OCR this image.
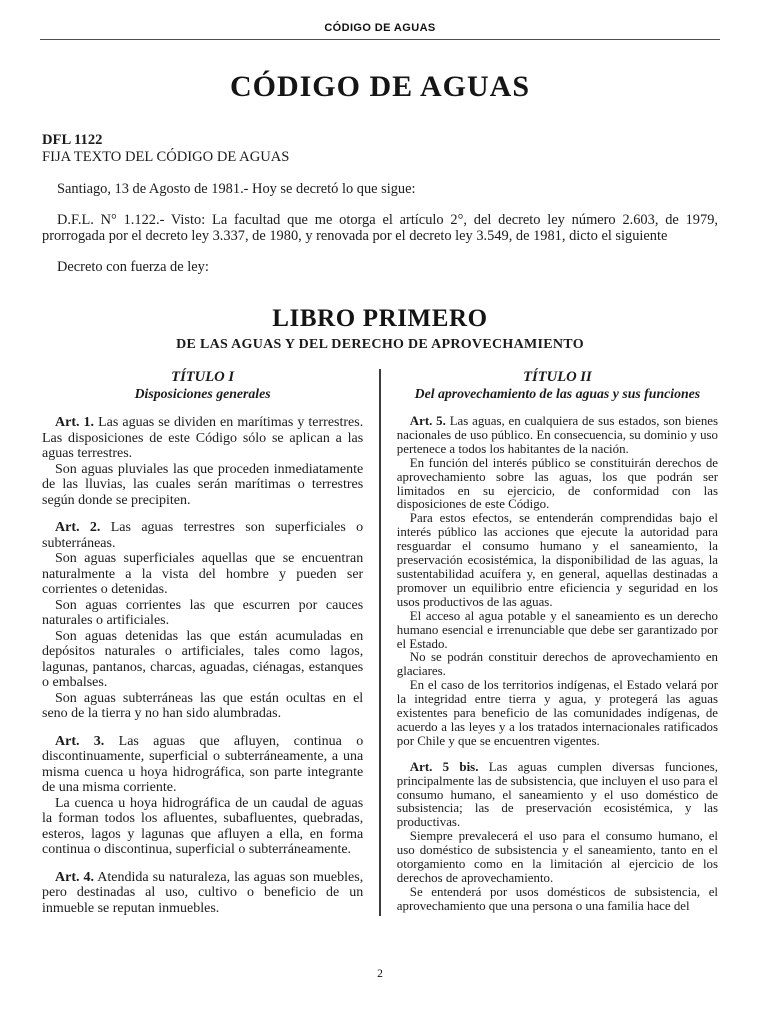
CÓDIGO DE AGUAS
CÓDIGO DE AGUAS
DFL 1122
FIJA TEXTO DEL CÓDIGO DE AGUAS

Santiago, 13 de Agosto de 1981.- Hoy se decretó lo que sigue:

D.F.L. N° 1.122.- Visto: La facultad que me otorga el artículo 2°, del decreto ley número 2.603, de 1979, prorrogada por el decreto ley 3.337, de 1980, y renovada por el decreto ley 3.549, de 1981, dicto el siguiente

Decreto con fuerza de ley:

LIBRO PRIMERO
DE LAS AGUAS Y DEL DERECHO DE APROVECHAMIENTO
TÍTULO I
Disposiciones generales

Art. 1. Las aguas se dividen en marítimas y terrestres. Las disposiciones de este Código sólo se aplican a las aguas terrestres.

Son aguas pluviales las que proceden inmediatamente de las lluvias, las cuales serán marítimas o terrestres según donde se precipiten.

Art. 2. Las aguas terrestres son superficiales o subterráneas.

Son aguas superficiales aquellas que se encuentran naturalmente a la vista del hombre y pueden ser corrientes o detenidas.

Son aguas corrientes las que escurren por cauces naturales o artificiales.

Son aguas detenidas las que están acumuladas en depósitos naturales o artificiales, tales como lagos, lagunas, pantanos, charcas, aguadas, ciénagas, estanques o embalses.

Son aguas subterráneas las que están ocultas en el seno de la tierra y no han sido alumbradas.

Art. 3. Las aguas que afluyen, continua o discontinuamente, superficial o subterráneamente, a una misma cuenca u hoya hidrográfica, son parte integrante de una misma corriente.

La cuenca u hoya hidrográfica de un caudal de aguas la forman todos los afluentes, subafluentes, quebradas, esteros, lagos y lagunas que afluyen a ella, en forma continua o discontinua, superficial o subterráneamente.

Art. 4. Atendida su naturaleza, las aguas son muebles, pero destinadas al uso, cultivo o beneficio de un inmueble se reputan inmuebles.

TÍTULO II
Del aprovechamiento de las aguas y sus funciones

Art. 5. Las aguas, en cualquiera de sus estados, son bienes nacionales de uso público. En consecuencia, su dominio y uso pertenece a todos los habitantes de la nación.

En función del interés público se constituirán derechos de aprovechamiento sobre las aguas, los que podrán ser limitados en su ejercicio, de conformidad con las disposiciones de este Código.

Para estos efectos, se entenderán comprendidas bajo el interés público las acciones que ejecute la autoridad para resguardar el consumo humano y el saneamiento, la preservación ecosistémica, la disponibilidad de las aguas, la sustentabilidad acuífera y, en general, aquellas destinadas a promover un equilibrio entre eficiencia y seguridad en los usos productivos de las aguas.

El acceso al agua potable y el saneamiento es un derecho humano esencial e irrenunciable que debe ser garantizado por el Estado.

No se podrán constituir derechos de aprovechamiento en glaciares.

En el caso de los territorios indígenas, el Estado velará por la integridad entre tierra y agua, y protegerá las aguas existentes para beneficio de las comunidades indígenas, de acuerdo a las leyes y a los tratados internacionales ratificados por Chile y que se encuentren vigentes.

Art. 5 bis. Las aguas cumplen diversas funciones, principalmente las de subsistencia, que incluyen el uso para el consumo humano, el saneamiento y el uso doméstico de subsistencia; las de preservación ecosistémica, y las productivas.

Siempre prevalecerá el uso para el consumo humano, el uso doméstico de subsistencia y el saneamiento, tanto en el otorgamiento como en la limitación al ejercicio de los derechos de aprovechamiento.

Se entenderá por usos domésticos de subsistencia, el aprovechamiento que una persona o una familia hace del

2
